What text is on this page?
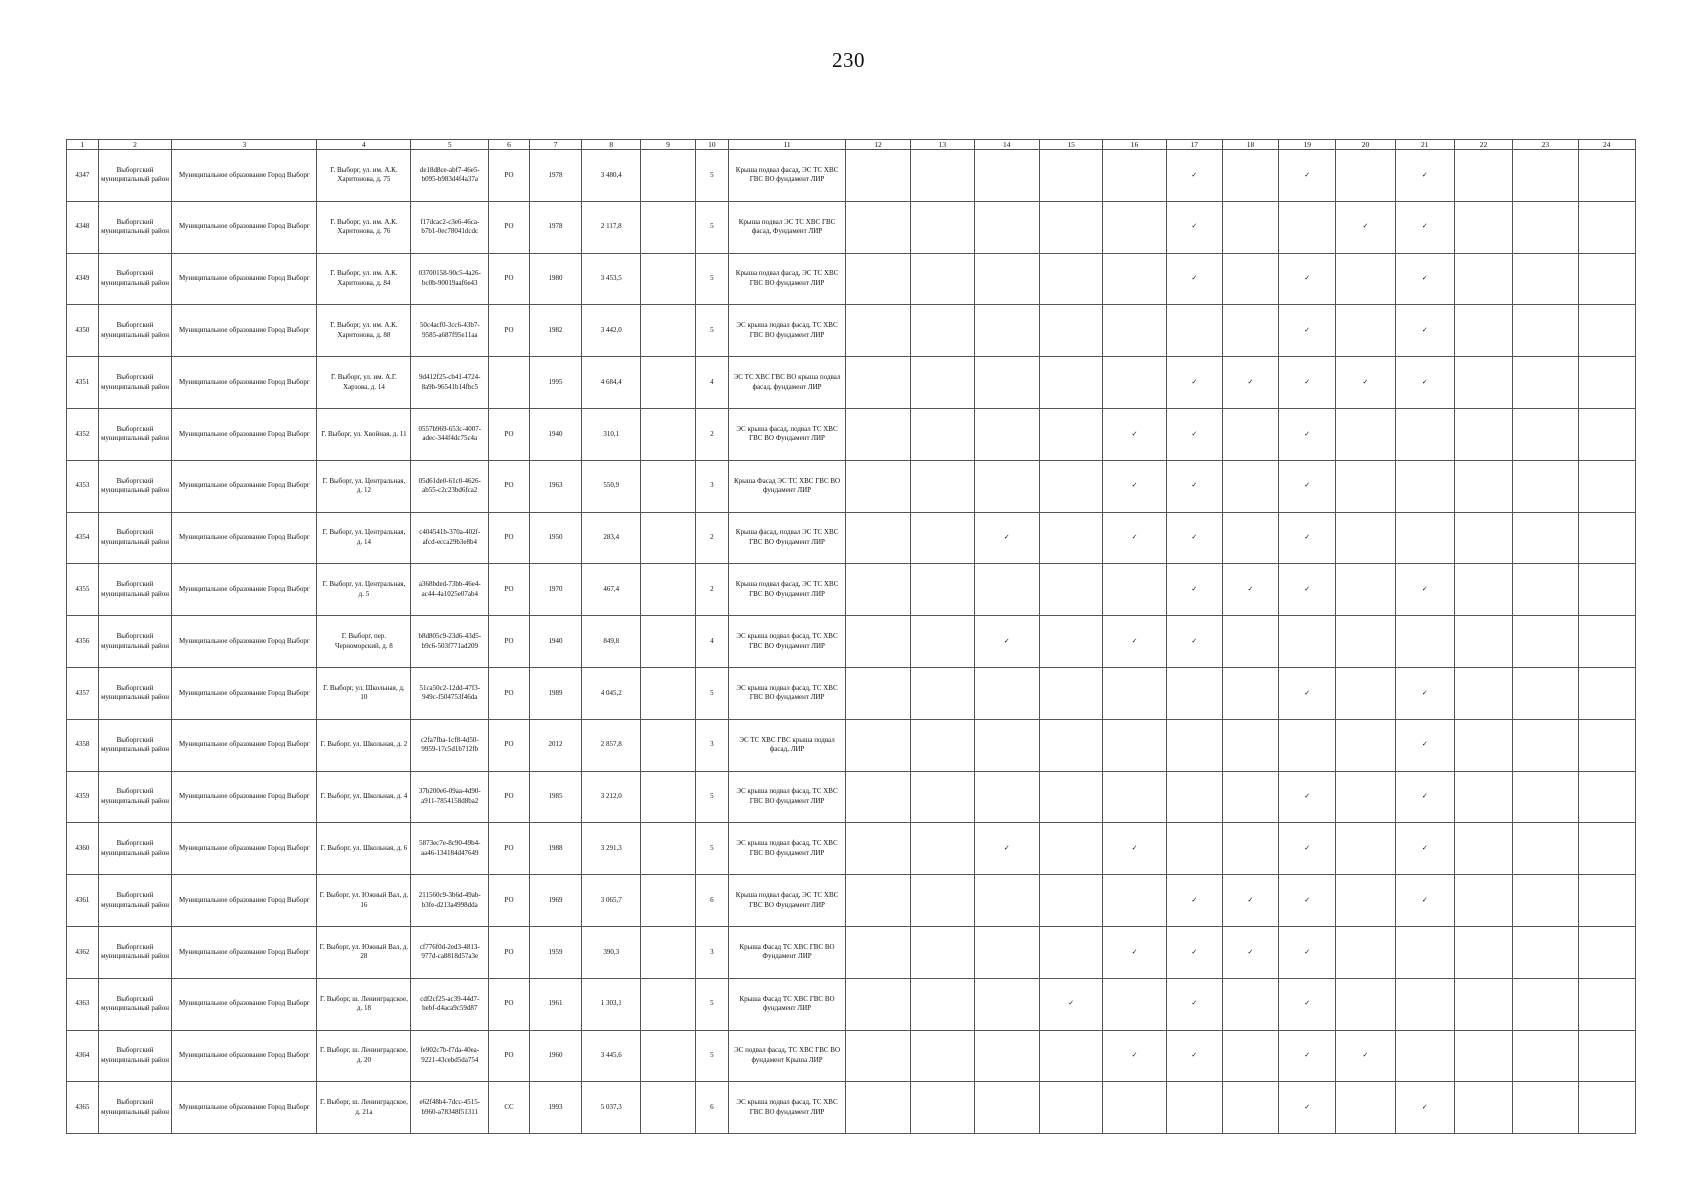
230
1	2	3	4	5	6	7	8	9	10	11	12	13	14	15	16	17	18	19	20	21	22	23	24
4347	Выборгский муниципальный район	Муниципальное образование Город Выборг	Г. Выборг, ул. им. А.К. Харитонова, д. 75	de18d8ce-abf7-46e5-b095-b983d4f4a37a	РО	1978	3 480,4		5	Крыша подвал фасад, ЭС ТС ХВС ГВС ВО фундамент ЛИР						✓		✓		✓			
4348	Выборгский муниципальный район	Муниципальное образование Город Выборг	Г. Выборг, ул. им. А.К. Харитонова, д. 76	f17dcac2-c3e6-46ca-b7b1-0ec78041dcdc	РО	1978	2 117,8		5	Крыша подвал ЭС ТС ХВС ГВС фасад, Фундамент ЛИР						✓			✓	✓			
4349	Выборгский муниципальный район	Муниципальное образование Город Выборг	Г. Выборг, ул. им. А.К. Харитонова, д. 84	03700158-90c5-4a26-bc0b-90019aaf6e43	РО	1980	3 453,5		5	Крыша подвал фасад, ЭС ТС ХВС ГВС ВО фундамент ЛИР						✓		✓		✓			
4350	Выборгский муниципальный район	Муниципальное образование Город Выборг	Г. Выборг, ул. им. А.К. Харитонова, д. 88	50c4acf0-3cc6-43b7-9585-a687f95e11aa	РО	1982	3 442,0		5	ЭС крыша подвал фасад, ТС ХВС ГВС ВО фундамент ЛИР								✓		✓			
4351	Выборгский муниципальный район	Муниципальное образование Город Выборг	Г. Выборг, ул. им. А.Г. Харзова, д. 14	9d412f25-cb41-4724-8a9b-96541b14fbc5		1995	4 684,4		4	ЭС ТС ХВС ГВС ВО крыша подвал фасад, фундамент ЛИР						✓	✓	✓	✓	✓			
4352	Выборгский муниципальный район	Муниципальное образование Город Выборг	Г. Выборг, ул. Хвойная, д. 11	0557b969-653c-4007-adec-344f4dc75c4a	РО	1940	310,1		2	ЭС крыша фасад, подвал ТС ХВС ГВС ВО Фундамент ЛИР					✓	✓		✓					
4353	Выборгский муниципальный район	Муниципальное образование Город Выборг	Г. Выборг, ул. Центральная, д. 12	05d61de0-61c0-4626-ab55-c2c23bd6fca2	РО	1963	550,9		3	Крыша Фасад ЭС ТС ХВС ГВС ВО фундамент ЛИР					✓	✓		✓					
4354	Выборгский муниципальный район	Муниципальное образование Город Выборг	Г. Выборг, ул. Центральная, д. 14	c404541b-370a-402f-afcd-ecca29b3e8b4	РО	1950	283,4		2	Крыша фасад, подвал ЭС ТС ХВС ГВС ВО Фундамент ЛИР			✓		✓	✓		✓					
4355	Выборгский муниципальный район	Муниципальное образование Город Выборг	Г. Выборг, ул. Центральная, д. 5	a368bded-73bb-46e4-ac44-4a1025e07ab4	РО	1970	467,4		2	Крыша подвал фасад, ЭС ТС ХВС ГВС ВО Фундамент ЛИР						✓	✓	✓		✓			
4356	Выборгский муниципальный район	Муниципальное образование Город Выборг	Г. Выборг, пер. Черноморский, д. 8	b8d805c9-23d6-43d5-b9c6-503f771ad209	РО	1940	849,8		4	ЭС крыша подвал фасад, ТС ХВС ГВС ВО Фундамент ЛИР			✓		✓	✓							
4357	Выборгский муниципальный район	Муниципальное образование Город Выборг	Г. Выборг, ул. Школьная, д. 10	51ca50c2-12dd-47f3-949c-f504753f46da	РО	1989	4 045,2		5	ЭС крыша подвал фасад, ТС ХВС ГВС ВО фундамент ЛИР								✓		✓			
4358	Выборгский муниципальный район	Муниципальное образование Город Выборг	Г. Выборг, ул. Школьная, д. 2	c2fa7fba-1cf8-4d50-9959-17c5d1b712fb	РО	2012	2 857,8		3	ЭС ТС ХВС ГВС крыша подвал фасад, ЛИР										✓			
4359	Выборгский муниципальный район	Муниципальное образование Город Выборг	Г. Выборг, ул. Школьная, д. 4	37b200e6-09aa-4d90-a911-7854158d8ba2	РО	1985	3 212,0		5	ЭС крыша подвал фасад, ТС ХВС ГВС ВО фундамент ЛИР								✓		✓			
4360	Выборгский муниципальный район	Муниципальное образование Город Выборг	Г. Выборг, ул. Школьная, д. 6	5873ec7e-8c90-49b4-aa46-134184d47649	РО	1988	3 291,3		5	ЭС крыша подвал фасад, ТС ХВС ГВС ВО фундамент ЛИР			✓		✓			✓		✓			
4361	Выборгский муниципальный район	Муниципальное образование Город Выборг	Г. Выборг, ул. Южный Вал, д. 16	211560c9-3b6d-49ab-b3fe-d213a4998dda	РО	1969	3 065,7		6	Крыша подвал фасад, ЭС ТС ХВС ГВС ВО Фундамент ЛИР						✓	✓	✓		✓			
4362	Выборгский муниципальный район	Муниципальное образование Город Выборг	Г. Выборг, ул. Южный Вал, д. 28	cf776f0d-2ed3-4813-977d-ca8818d57a3e	РО	1959	390,3		3	Крыша Фасад ТС ХВС ГВС ВО Фундамент ЛИР					✓	✓	✓	✓					
4363	Выборгский муниципальный район	Муниципальное образование Город Выборг	Г. Выборг, ш. Ленинградское, д. 18	cdf2cf25-ac39-44d7-bebf-d4aca9c59d87	РО	1961	1 303,1		5	Крыша Фасад ТС ХВС ГВС ВО фундамент ЛИР				✓		✓		✓					
4364	Выборгский муниципальный район	Муниципальное образование Город Выборг	Г. Выборг, ш. Ленинградское, д. 20	fe902c7b-f7da-40ea-9221-43cebd5da754	РО	1960	3 445,6		5	ЭС подвал фасад, ТС ХВС ГВС ВО фундамент Крыша ЛИР					✓	✓		✓	✓				
4365	Выборгский муниципальный район	Муниципальное образование Город Выборг	Г. Выборг, ш. Ленинградское, д. 21а	e62f48b4-7dcc-4515-b960-a78348f51311	СС	1993	5 037,3		6	ЭС крыша подвал фасад, ТС ХВС ГВС ВО фундамент ЛИР								✓		✓			
